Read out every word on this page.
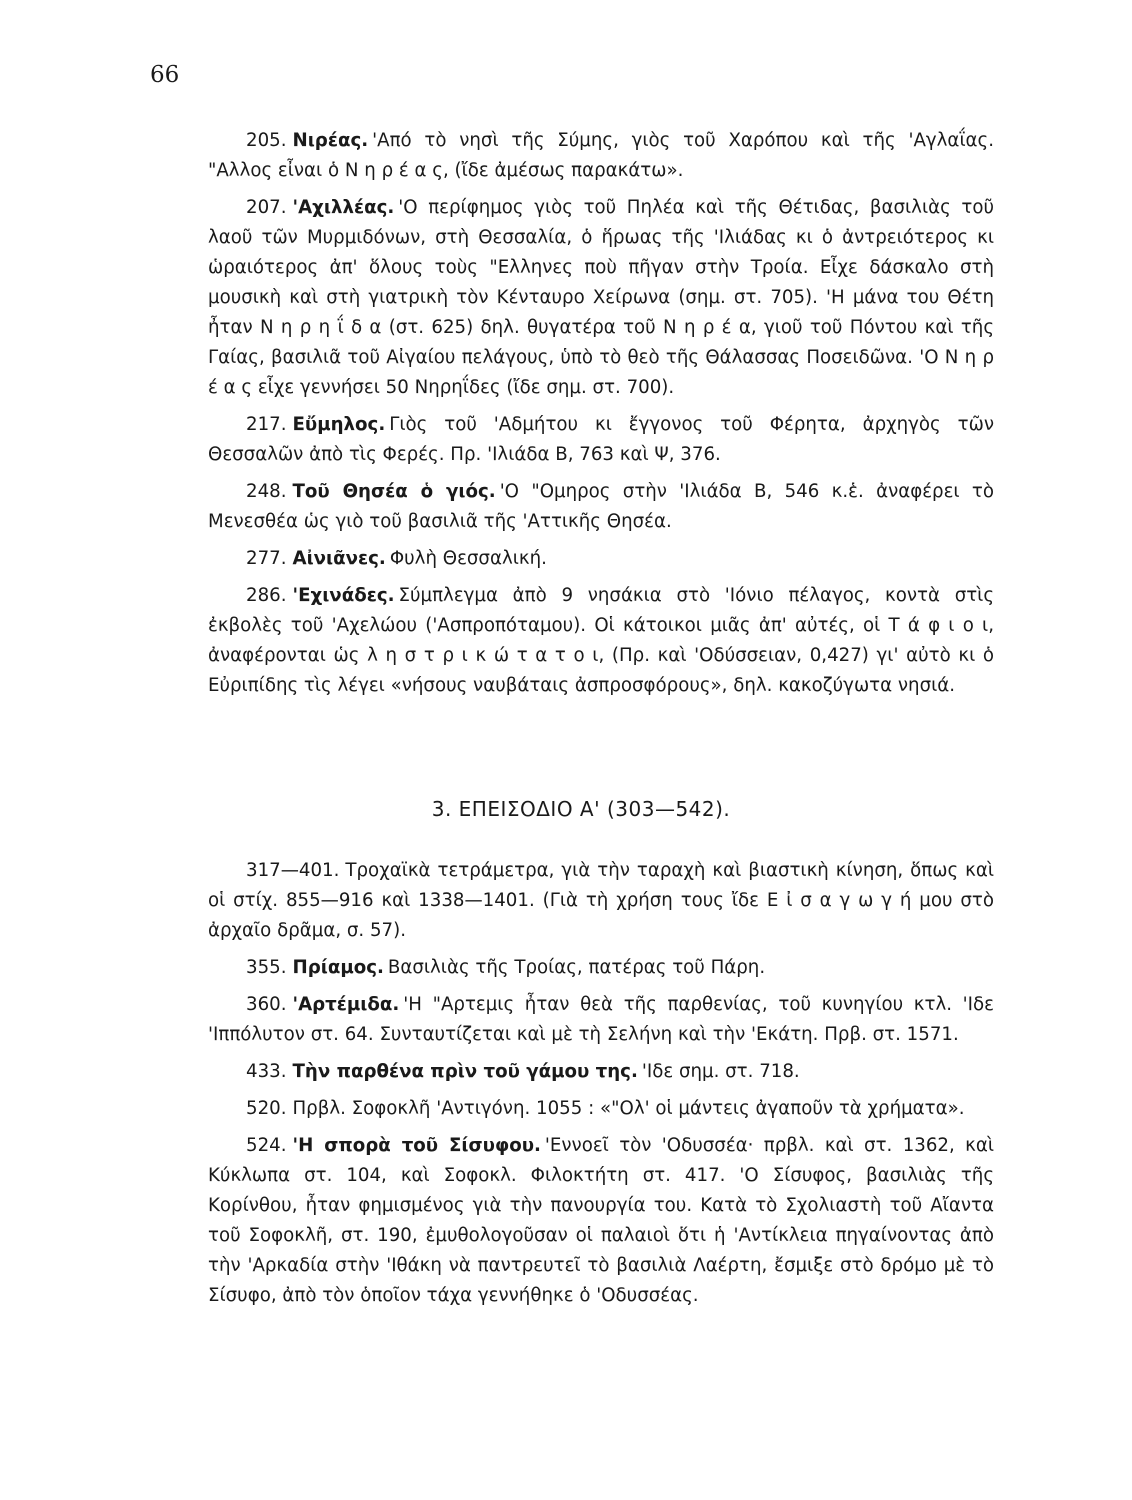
66

205. Νιρέας. 'Από τὸ νησὶ τῆς Σύμης, γιὸς τοῦ Χαρόπου καὶ τῆς 'Αγλαΐας. "Αλλος εἶναι ὁ Ν η ρ έ α ς, (ἴδε ἀμέσως παρακάτω».

207. 'Αχιλλέας. 'Ο περίφημος γιὸς τοῦ Πηλέα καὶ τῆς Θέτιδας, βασιλιὰς τοῦ λαοῦ τῶν Μυρμιδόνων, στὴ Θεσσαλία, ὁ ἥρωας τῆς 'Ιλιάδας κι ὁ ἀντρειότερος κι ὡραιότερος ἀπ' ὅλους τοὺς "Ελληνες ποὺ πῆγαν στὴν Τροία. Εἶχε δάσκαλο στὴ μουσικὴ καὶ στὴ γιατρικὴ τὸν Κένταυρο Χείρωνα (σημ. στ. 705). 'Η μάνα του Θέτη ἦταν Ν η ρ η ΐ δ α (στ. 625) δηλ. θυγατέρα τοῦ Ν η ρ έ α, γιοῦ τοῦ Πόντου καὶ τῆς Γαίας, βασιλιᾶ τοῦ Αἰγαίου πελάγους, ὑπὸ τὸ θεὸ τῆς Θάλασσας Ποσειδῶνα. 'Ο Ν η ρ έ α ς εἶχε γεννήσει 50 Νηρηΐδες (ἴδε σημ. στ. 700).

217. Εὔμηλος. Γιὸς τοῦ 'Αδμήτου κι ἔγγονος τοῦ Φέρητα, ἀρχηγὸς τῶν Θεσσαλῶν ἀπὸ τὶς Φερές. Πρ. 'Ιλιάδα Β, 763 καὶ Ψ, 376.

248. Τοῦ Θησέα ὁ γιός. 'Ο "Ομηρος στὴν 'Ιλιάδα Β, 546 κ.ἑ. ἀναφέρει τὸ Μενεσθέα ὡς γιὸ τοῦ βασιλιᾶ τῆς 'Αττικῆς Θησέα.

277. Αἰνιᾶνες. Φυλὴ Θεσσαλική.

286. 'Εχινάδες. Σύμπλεγμα ἀπὸ 9 νησάκια στὸ 'Ιόνιο πέλαγος, κοντὰ στὶς ἐκβολὲς τοῦ 'Αχελώου ('Ασπροπόταμου). Οἱ κάτοικοι μιᾶς ἀπ' αὐτές, οἱ Τ ά φ ι ο ι, ἀναφέρονται ὡς λ η σ τ ρ ι κ ώ τ α τ ο ι, (Πρ. καὶ 'Οδύσσειαν, 0,427) γι' αὐτὸ κι ὁ Εὐριπίδης τὶς λέγει «νήσους ναυβάταις ἀσπροσφόρους», δηλ. κακοζύγωτα νησιά.

3. ΕΠΕΙΣΟΔΙΟ Α' (303—542).

317—401. Τροχαϊκὰ τετράμετρα, γιὰ τὴν ταραχὴ καὶ βιαστικὴ κίνηση, ὅπως καὶ οἱ στίχ. 855—916 καὶ 1338—1401. (Γιὰ τὴ χρήση τους ἴδε Ε ἰ σ α γ ω γ ή μου στὸ ἀρχαῖο δρᾶμα, σ. 57).

355. Πρίαμος. Βασιλιὰς τῆς Τροίας, πατέρας τοῦ Πάρη.

360. 'Αρτέμιδα. 'Η "Αρτεμις ἦταν θεὰ τῆς παρθενίας, τοῦ κυνηγίου κτλ. 'Ιδε 'Ιππόλυτον στ. 64. Συνταυτίζεται καὶ μὲ τὴ Σελήνη καὶ τὴν 'Εκάτη. Πρβ. στ. 1571.

433. Τὴν παρθένα πρὶν τοῦ γάμου της. 'Ιδε σημ. στ. 718.

520. Πρβλ. Σοφοκλῆ 'Αντιγόνη. 1055 : «"Ολ' οἱ μάντεις ἀγαποῦν τὰ χρήματα».

524. 'Η σπορὰ τοῦ Σίσυφου. 'Εννοεῖ τὸν 'Οδυσσέα· πρβλ. καὶ στ. 1362, καὶ Κύκλωπα στ. 104, καὶ Σοφοκλ. Φιλοκτήτη στ. 417. 'Ο Σίσυφος, βασιλιὰς τῆς Κορίνθου, ἦταν φημισμένος γιὰ τὴν πανουργία του. Κατὰ τὸ Σχολιαστὴ τοῦ Αἴαντα τοῦ Σοφοκλῆ, στ. 190, ἐμυθολογοῦσαν οἱ παλαιοὶ ὅτι ἡ 'Αντίκλεια πηγαίνοντας ἀπὸ τὴν 'Αρκαδία στὴν 'Ιθάκη νὰ παντρευτεῖ τὸ βασιλιὰ Λαέρτη, ἔσμιξε στὸ δρόμο μὲ τὸ Σίσυφο, ἀπὸ τὸν ὁποῖον τάχα γεννήθηκε ὁ 'Οδυσσέας.
